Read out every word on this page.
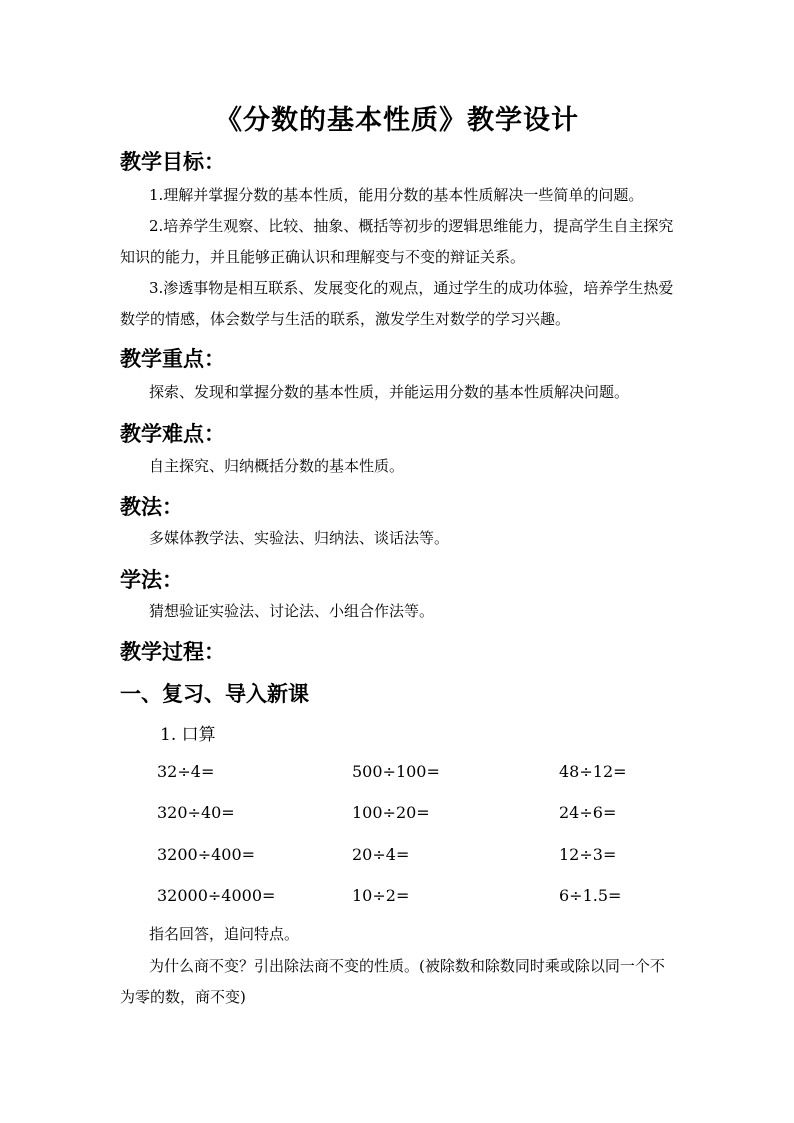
《分数的基本性质》教学设计
教学目标：
1.理解并掌握分数的基本性质，能用分数的基本性质解决一些简单的问题。
2.培养学生观察、比较、抽象、概括等初步的逻辑思维能力，提高学生自主探究知识的能力，并且能够正确认识和理解变与不变的辩证关系。
3.渗透事物是相互联系、发展变化的观点，通过学生的成功体验，培养学生热爱数学的情感，体会数学与生活的联系，激发学生对数学的学习兴趣。
教学重点：
探索、发现和掌握分数的基本性质，并能运用分数的基本性质解决问题。
教学难点：
自主探究、归纳概括分数的基本性质。
教法：
多媒体教学法、实验法、归纳法、谈话法等。
学法：
猜想验证实验法、讨论法、小组合作法等。
教学过程：
一、复习、导入新课
1. 口算
32÷4=	500÷100=	48÷12=
320÷40=	100÷20=	24÷6=
3200÷400=	20÷4=	12÷3=
32000÷4000=	10÷2=	6÷1.5=
指名回答，追问特点。
为什么商不变？引出除法商不变的性质。(被除数和除数同时乘或除以同一个不为零的数，商不变)
